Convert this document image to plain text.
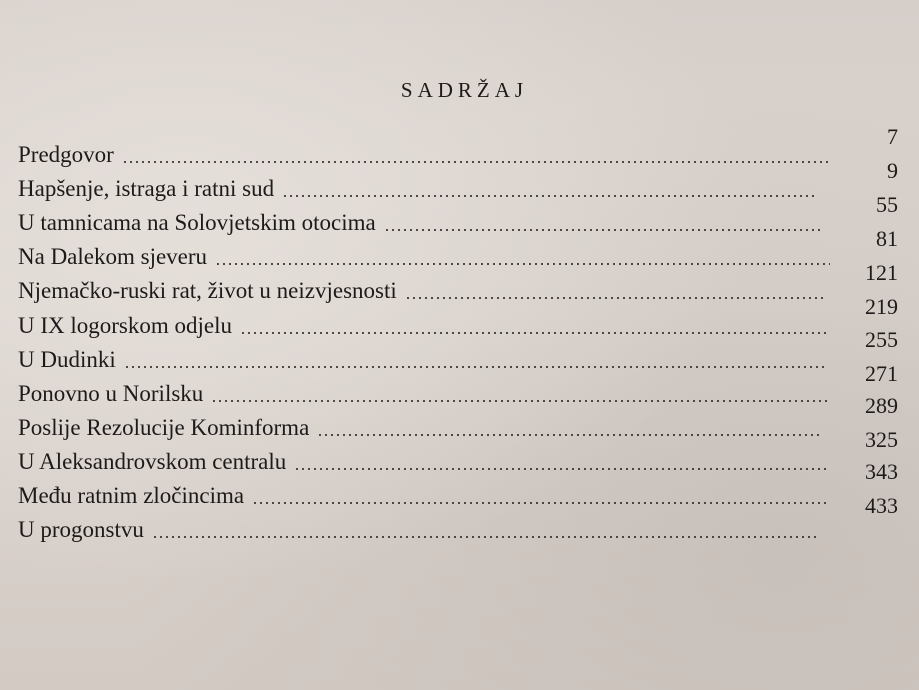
SADRŽAJ
Predgovor
7
Hapšenje, istraga i ratni sud
9
U tamnicama na Solovjetskim otocima
55
Na Dalekom sjeveru
81
Njemačko-ruski rat, život u neizvjesnosti
121
U IX logorskom odjelu
219
U Dudinki
255
Ponovno u Norilsku
271
Poslije Rezolucije Kominforma
289
U Aleksandrovskom centralu
325
Među ratnim zločincima
343
U progonstvu
433
